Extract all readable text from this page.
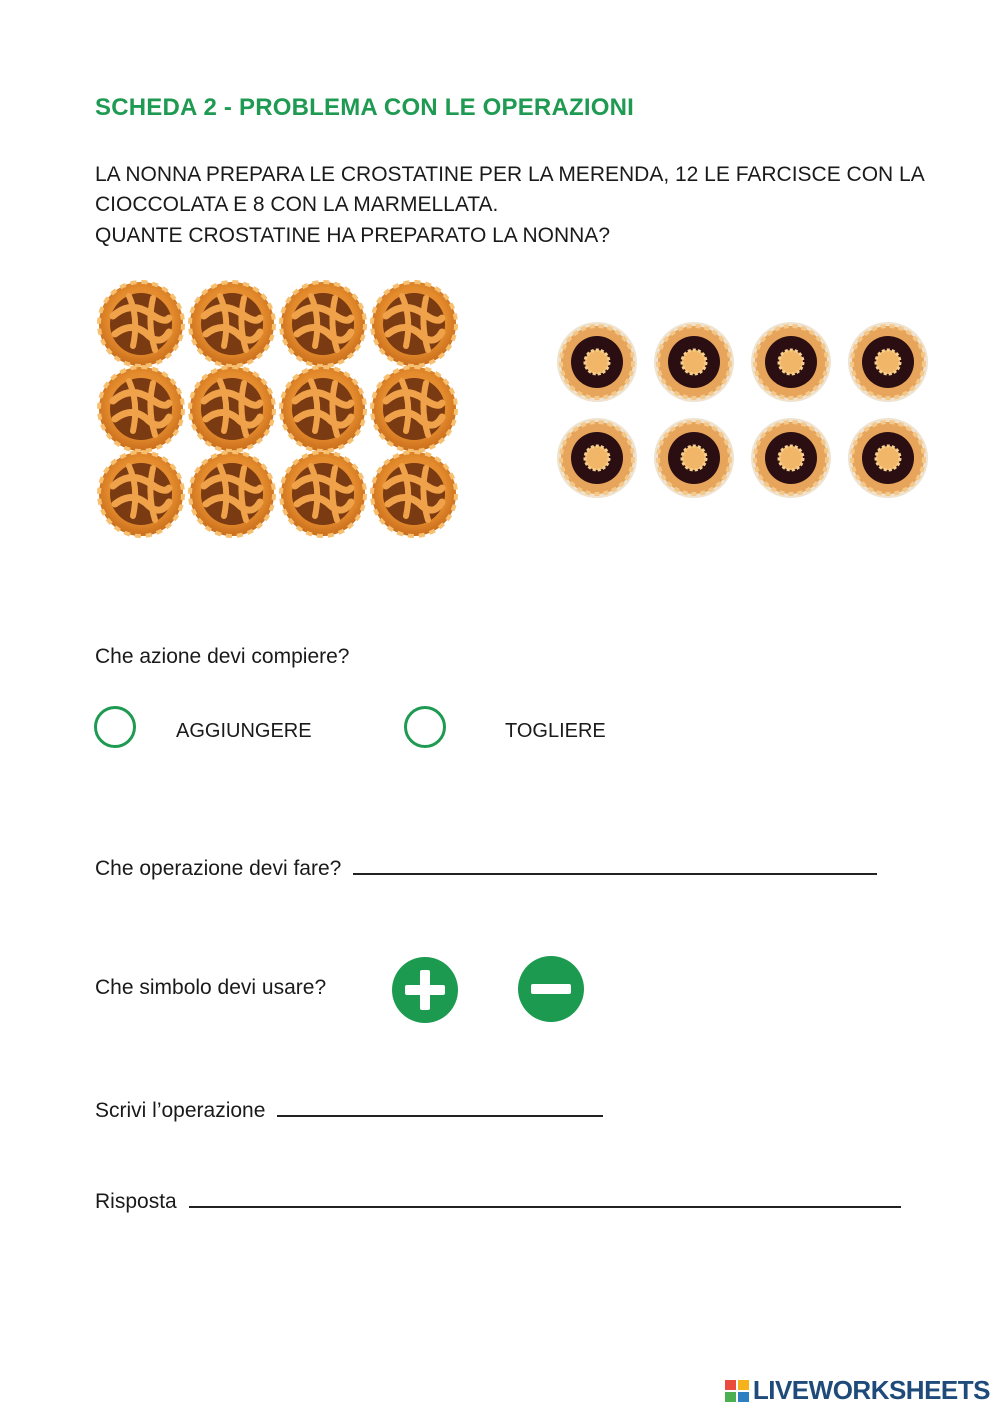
SCHEDA 2 - PROBLEMA CON LE OPERAZIONI
LA NONNA PREPARA LE CROSTATINE PER LA MERENDA, 12 LE FARCISCE CON LA
CIOCCOLATA E 8 CON LA MARMELLATA.
QUANTE CROSTATINE HA PREPARATO LA NONNA?
Che azione devi compiere?
AGGIUNGERE	TOGLIERE
Che operazione devi fare?
Che simbolo devi usare?
Scrivi l’operazione
Risposta
LIVEWORKSHEETS
